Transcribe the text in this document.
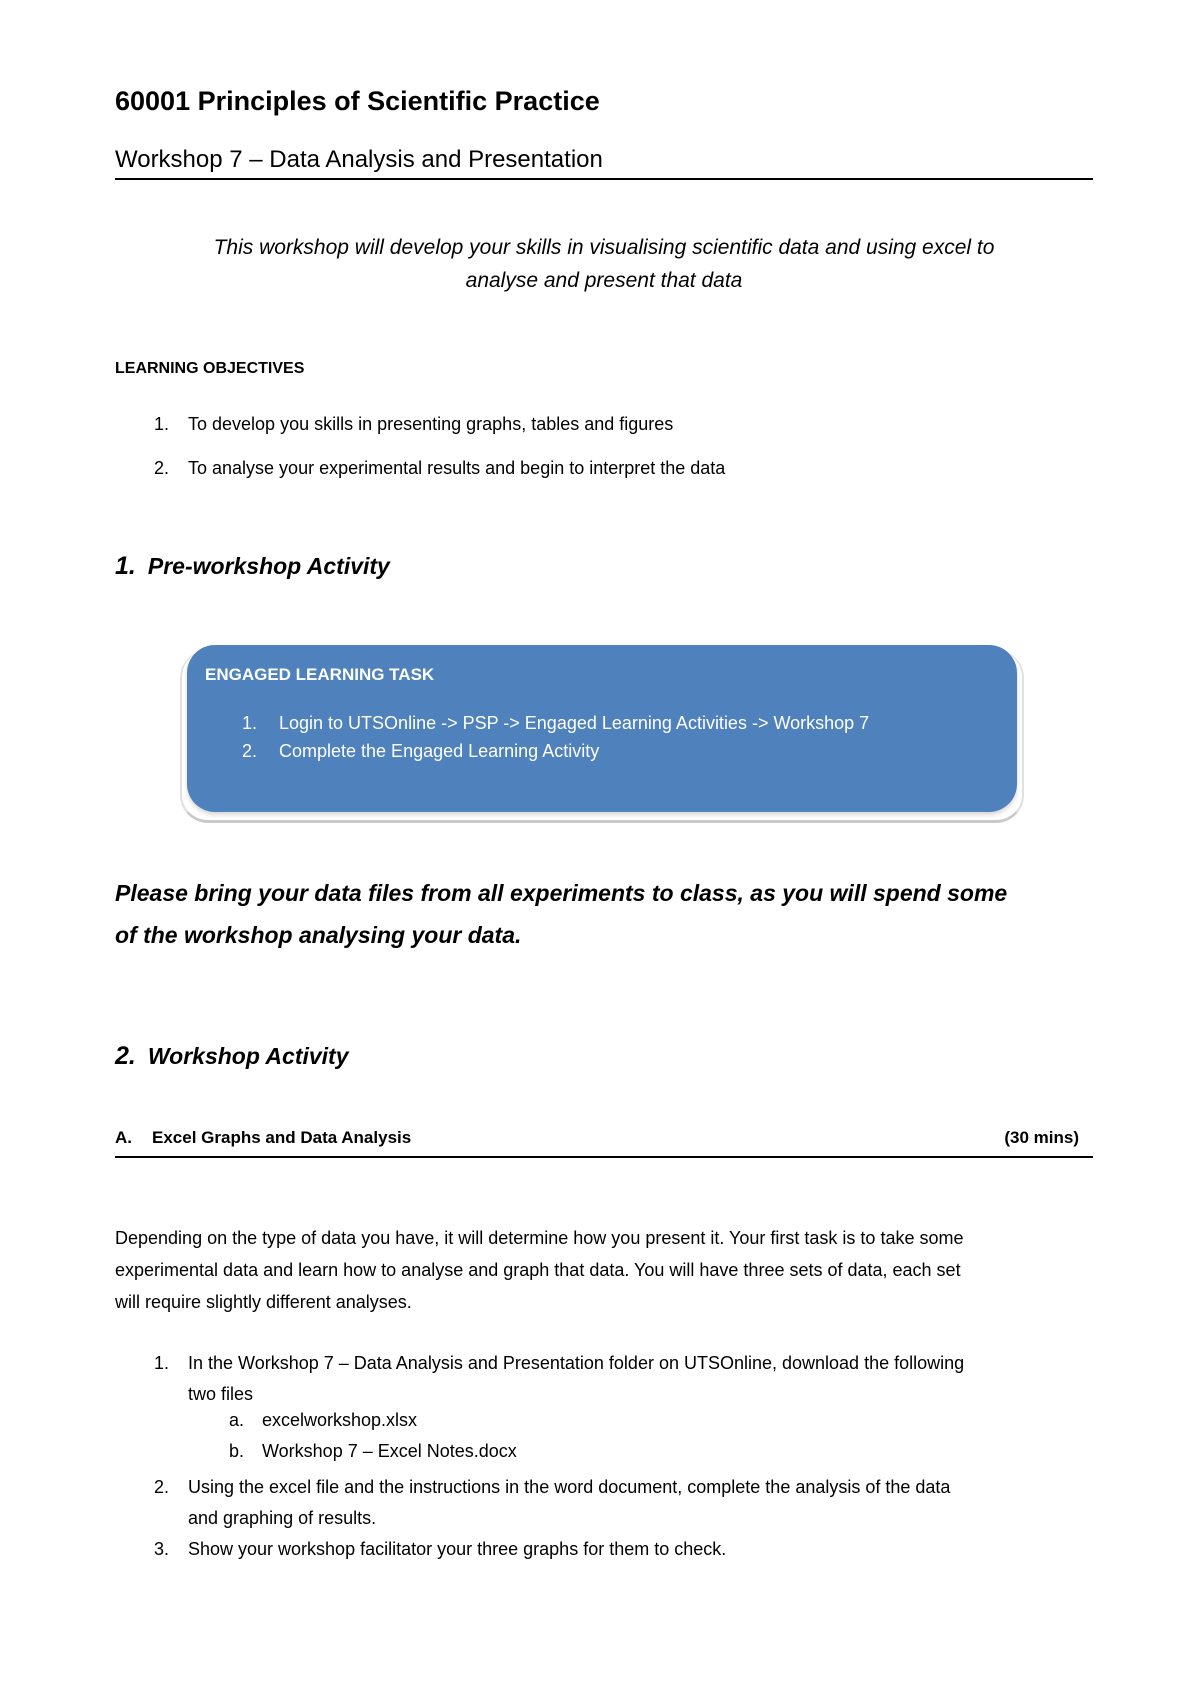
60001 Principles of Scientific Practice
Workshop 7 – Data Analysis and Presentation
This workshop will develop your skills in visualising scientific data and using excel to
analyse and present that data
LEARNING OBJECTIVES
1. To develop you skills in presenting graphs, tables and figures
2. To analyse your experimental results and begin to interpret the data
1. Pre-workshop Activity
ENGAGED LEARNING TASK
1. Login to UTSOnline -> PSP -> Engaged Learning Activities -> Workshop 7
2. Complete the Engaged Learning Activity
Please bring your data files from all experiments to class, as you will spend some
of the workshop analysing your data.
2. Workshop Activity
A. Excel Graphs and Data Analysis	(30 mins)
Depending on the type of data you have, it will determine how you present it. Your first task is to take some
experimental data and learn how to analyse and graph that data. You will have three sets of data, each set
will require slightly different analyses.
1. In the Workshop 7 – Data Analysis and Presentation folder on UTSOnline, download the following
two files
a. excelworkshop.xlsx
b. Workshop 7 – Excel Notes.docx
2. Using the excel file and the instructions in the word document, complete the analysis of the data
and graphing of results.
3. Show your workshop facilitator your three graphs for them to check.
